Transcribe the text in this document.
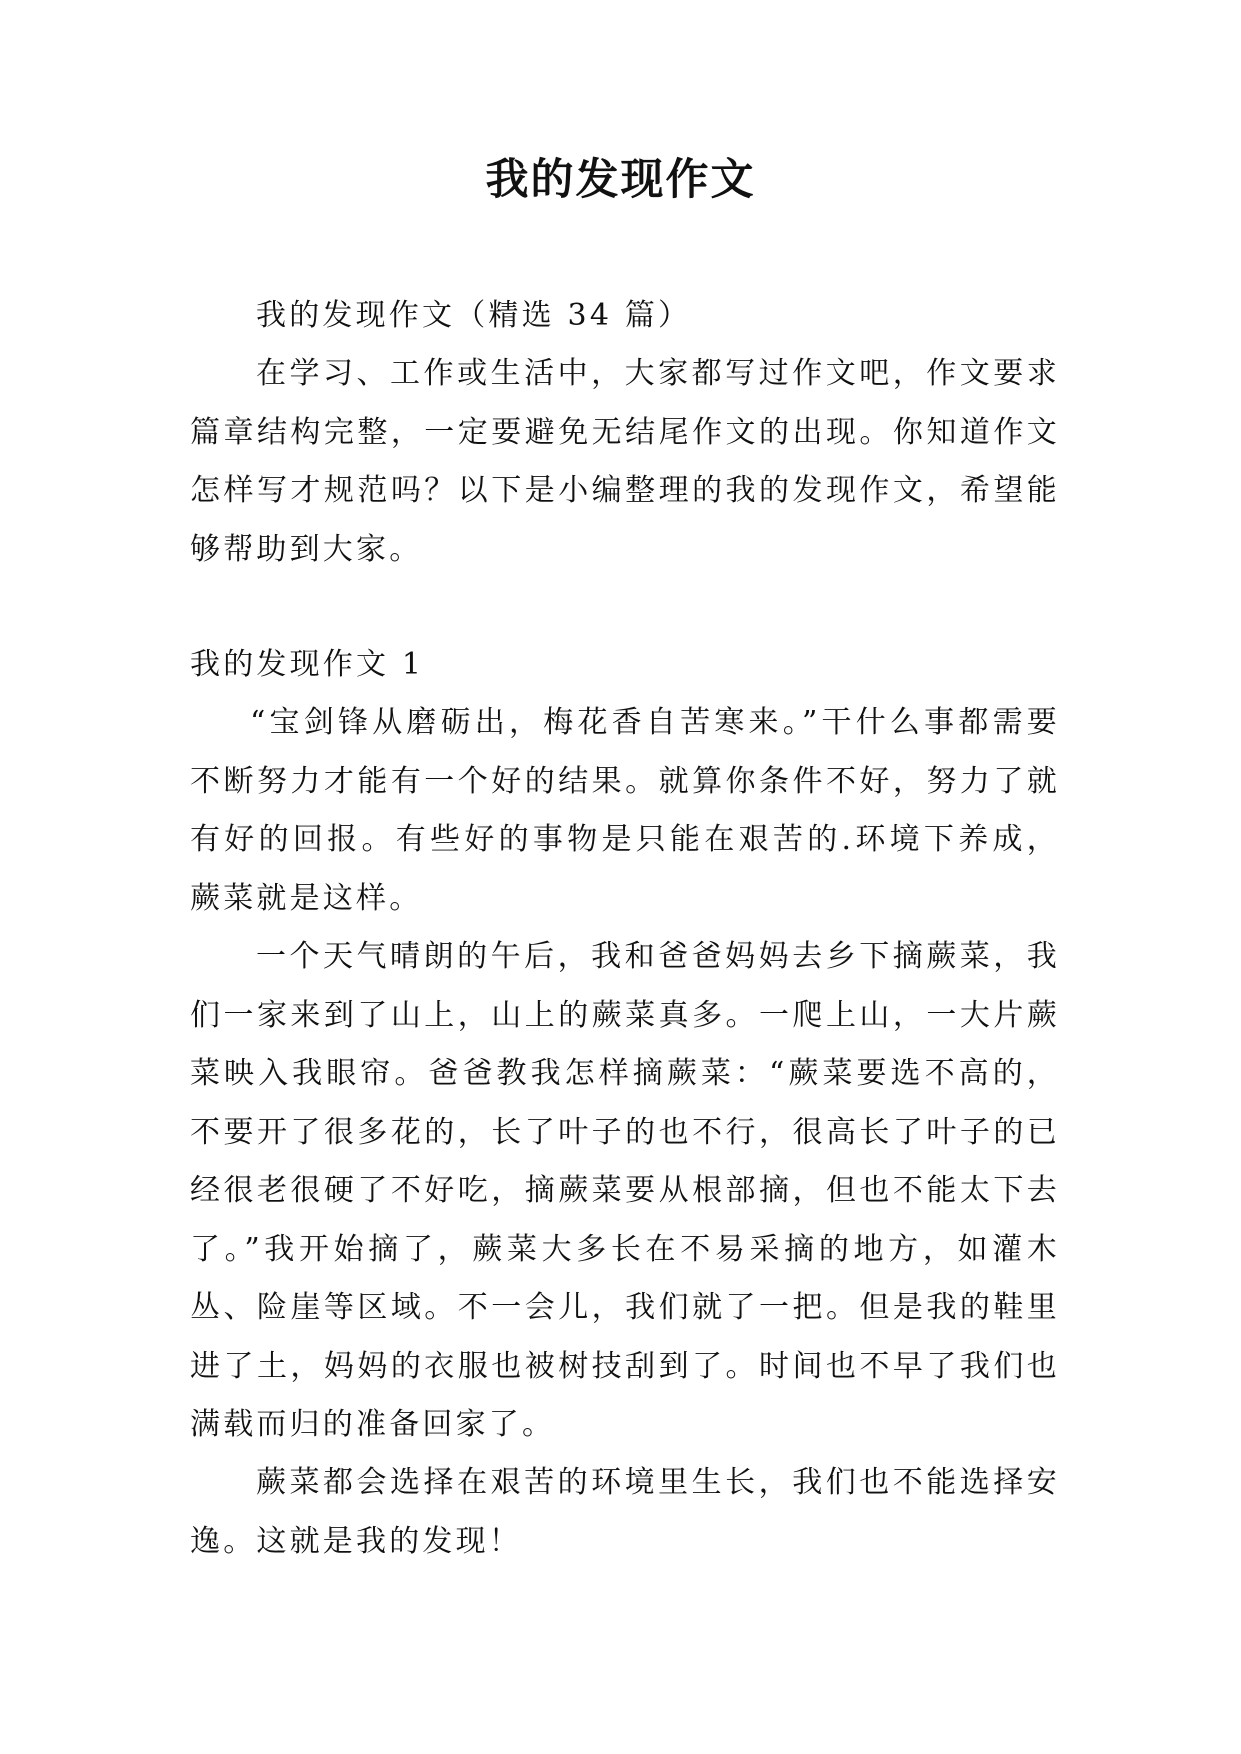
我的发现作文

我的发现作文（精选 34 篇）

在学习、工作或生活中，大家都写过作文吧，作文要求篇章结构完整，一定要避免无结尾作文的出现。你知道作文怎样写才规范吗？以下是小编整理的我的发现作文，希望能够帮助到大家。

我的发现作文 1

“宝剑锋从磨砺出，梅花香自苦寒来。”干什么事都需要不断努力才能有一个好的结果。就算你条件不好，努力了就有好的回报。有些好的事物是只能在艰苦的.环境下养成，蕨菜就是这样。

一个天气晴朗的午后，我和爸爸妈妈去乡下摘蕨菜，我们一家来到了山上，山上的蕨菜真多。一爬上山，一大片蕨菜映入我眼帘。爸爸教我怎样摘蕨菜：“蕨菜要选不高的，不要开了很多花的，长了叶子的也不行，很高长了叶子的已经很老很硬了不好吃，摘蕨菜要从根部摘，但也不能太下去了。”我开始摘了，蕨菜大多长在不易采摘的地方，如灌木丛、险崖等区域。不一会儿，我们就了一把。但是我的鞋里进了土，妈妈的衣服也被树技刮到了。时间也不早了我们也满载而归的准备回家了。

蕨菜都会选择在艰苦的环境里生长，我们也不能选择安逸。这就是我的发现！
